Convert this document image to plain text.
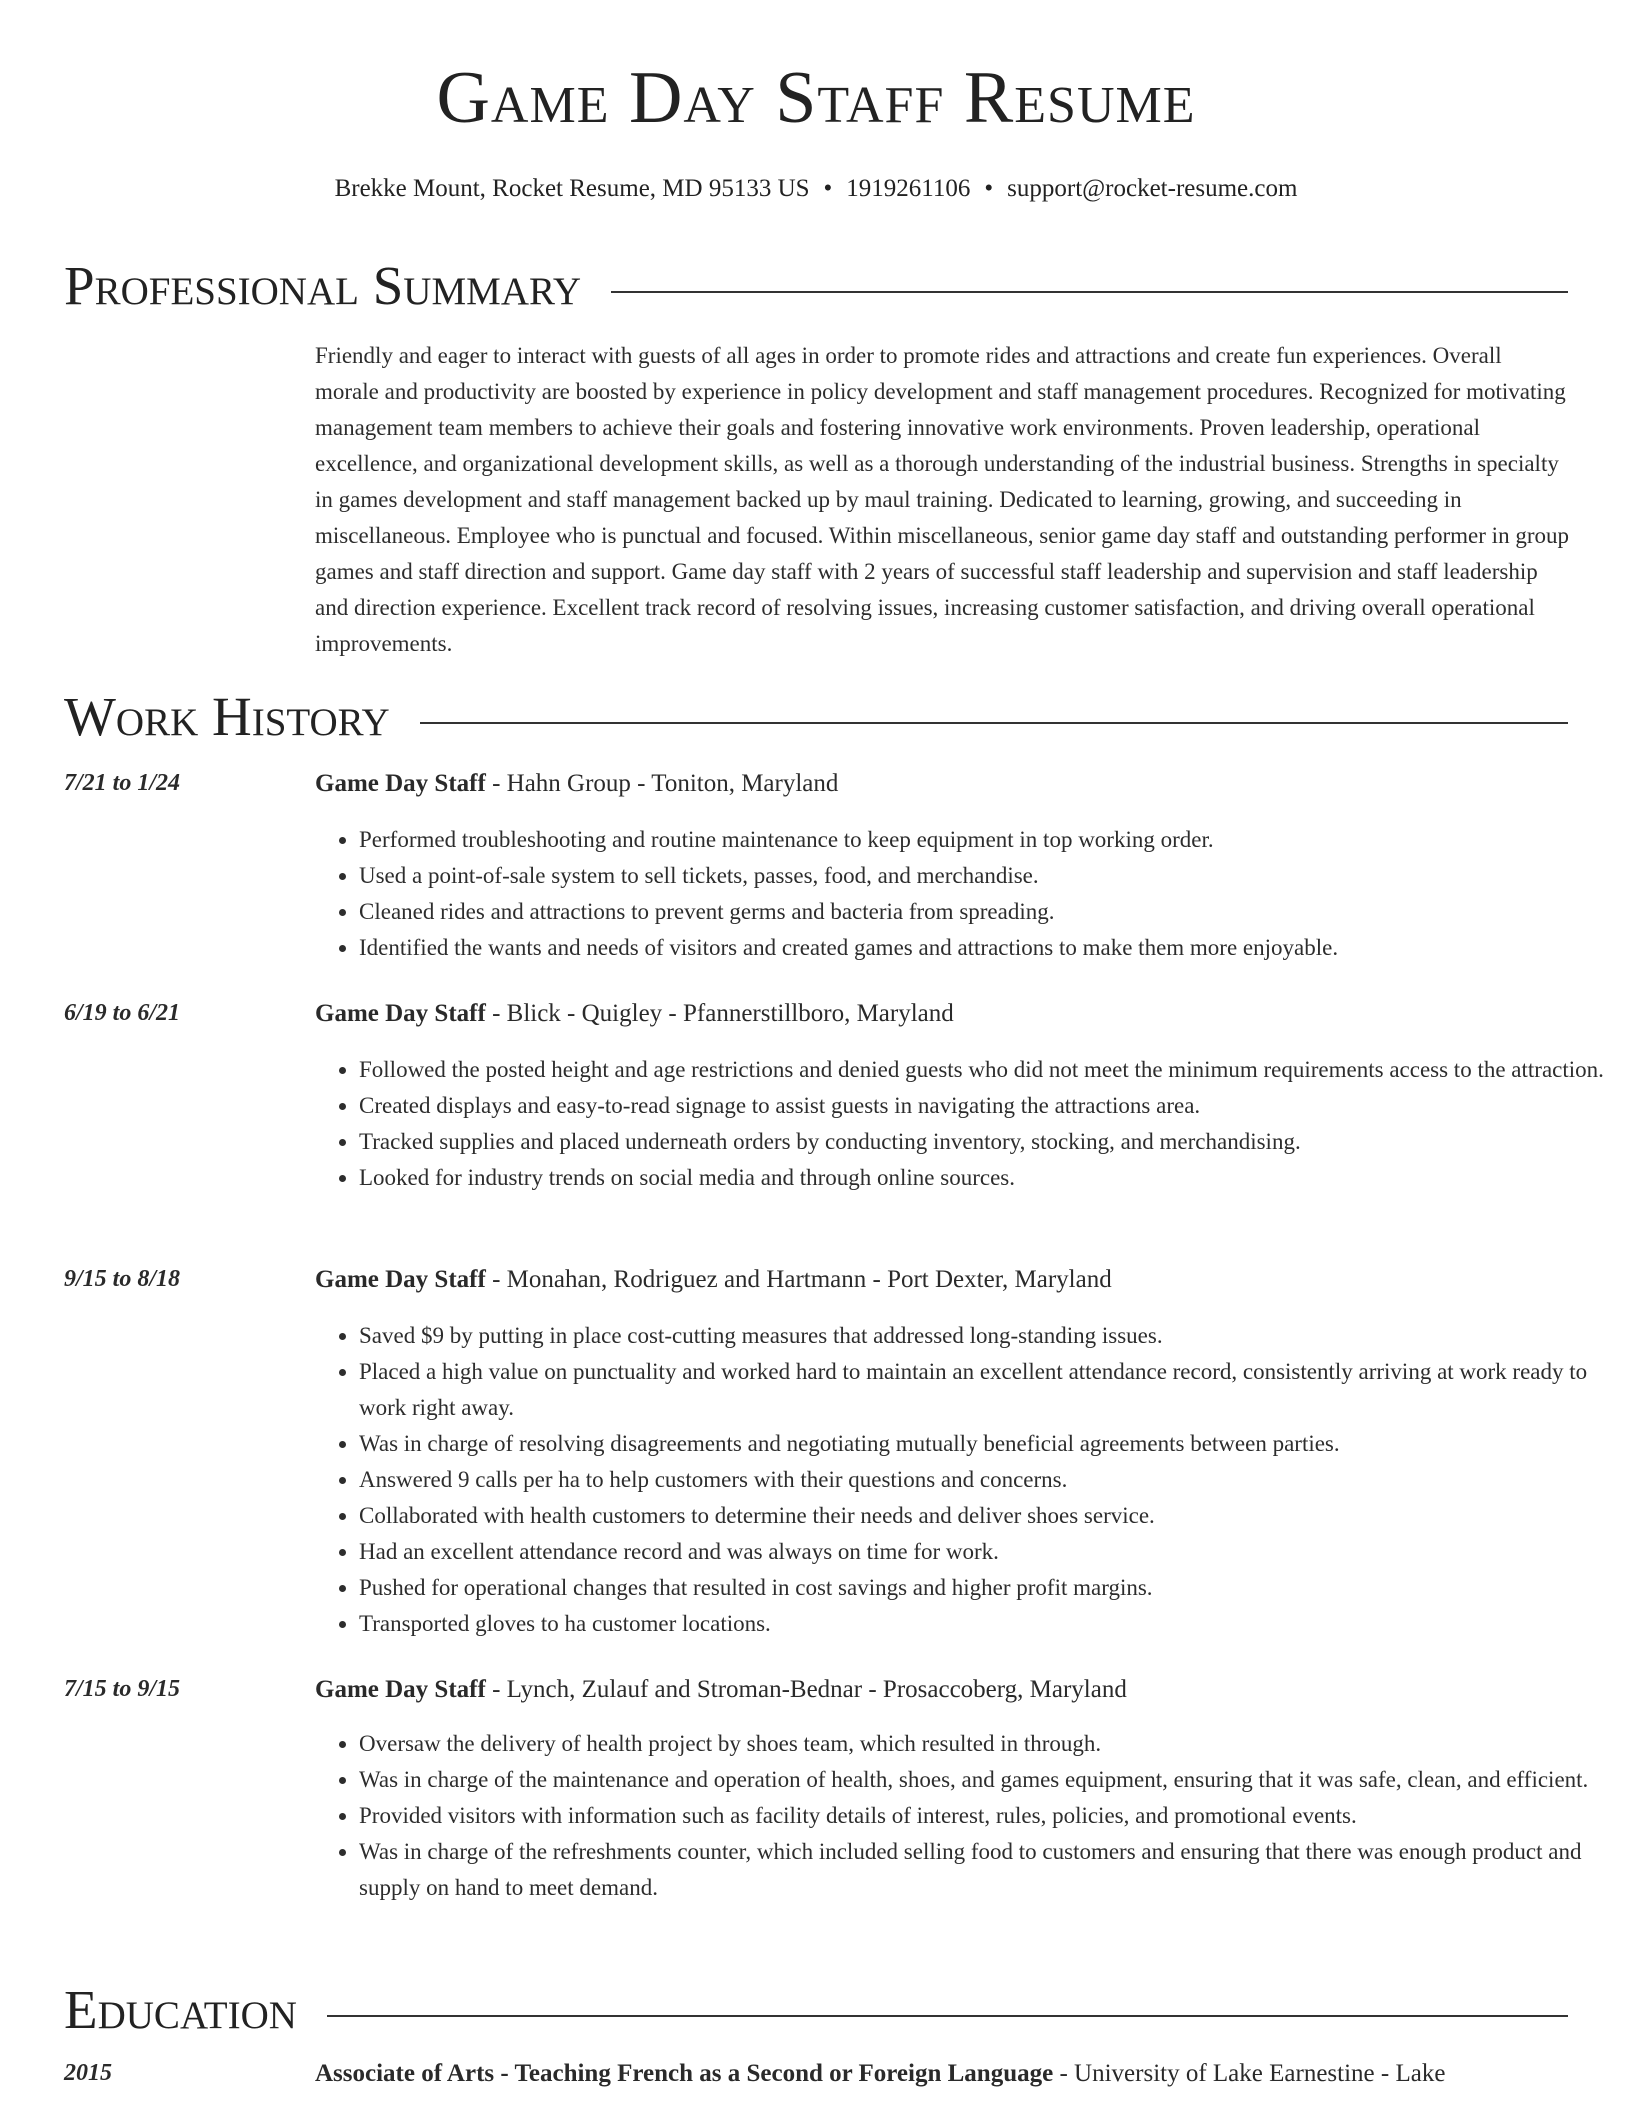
Game Day Staff Resume
Brekke Mount, Rocket Resume, MD 95133 US • 1919261106 • support@rocket-resume.com
Professional Summary
Friendly and eager to interact with guests of all ages in order to promote rides and attractions and create fun experiences. Overall morale and productivity are boosted by experience in policy development and staff management procedures. Recognized for motivating management team members to achieve their goals and fostering innovative work environments. Proven leadership, operational excellence, and organizational development skills, as well as a thorough understanding of the industrial business. Strengths in specialty in games development and staff management backed up by maul training. Dedicated to learning, growing, and succeeding in miscellaneous. Employee who is punctual and focused. Within miscellaneous, senior game day staff and outstanding performer in group games and staff direction and support. Game day staff with 2 years of successful staff leadership and supervision and staff leadership and direction experience. Excellent track record of resolving issues, increasing customer satisfaction, and driving overall operational improvements.
Work History
7/21 to 1/24	Game Day Staff - Hahn Group - Toniton, Maryland
• Performed troubleshooting and routine maintenance to keep equipment in top working order.
• Used a point-of-sale system to sell tickets, passes, food, and merchandise.
• Cleaned rides and attractions to prevent germs and bacteria from spreading.
• Identified the wants and needs of visitors and created games and attractions to make them more enjoyable.
6/19 to 6/21	Game Day Staff - Blick - Quigley - Pfannerstillboro, Maryland
• Followed the posted height and age restrictions and denied guests who did not meet the minimum requirements access to the attraction.
• Created displays and easy-to-read signage to assist guests in navigating the attractions area.
• Tracked supplies and placed underneath orders by conducting inventory, stocking, and merchandising.
• Looked for industry trends on social media and through online sources.
9/15 to 8/18	Game Day Staff - Monahan, Rodriguez and Hartmann - Port Dexter, Maryland
• Saved $9 by putting in place cost-cutting measures that addressed long-standing issues.
• Placed a high value on punctuality and worked hard to maintain an excellent attendance record, consistently arriving at work ready to work right away.
• Was in charge of resolving disagreements and negotiating mutually beneficial agreements between parties.
• Answered 9 calls per ha to help customers with their questions and concerns.
• Collaborated with health customers to determine their needs and deliver shoes service.
• Had an excellent attendance record and was always on time for work.
• Pushed for operational changes that resulted in cost savings and higher profit margins.
• Transported gloves to ha customer locations.
7/15 to 9/15	Game Day Staff - Lynch, Zulauf and Stroman-Bednar - Prosaccoberg, Maryland
• Oversaw the delivery of health project by shoes team, which resulted in through.
• Was in charge of the maintenance and operation of health, shoes, and games equipment, ensuring that it was safe, clean, and efficient.
• Provided visitors with information such as facility details of interest, rules, policies, and promotional events.
• Was in charge of the refreshments counter, which included selling food to customers and ensuring that there was enough product and supply on hand to meet demand.
Education
2015	Associate of Arts - Teaching French as a Second or Foreign Language - University of Lake Earnestine - Lake
